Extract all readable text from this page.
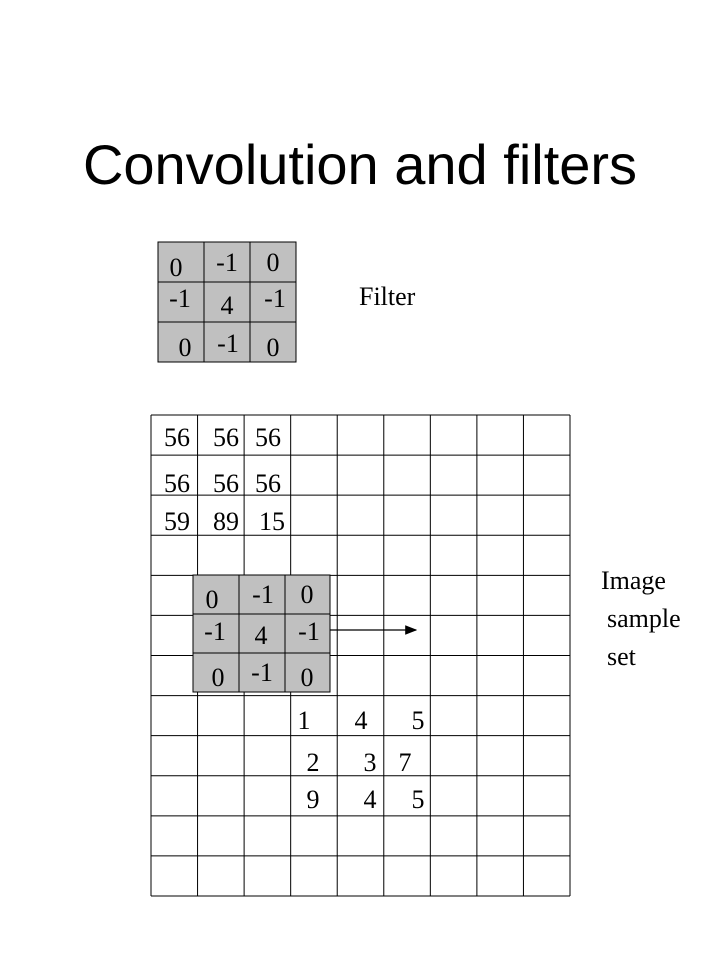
Convolution and filters
Filter
Image
sample
set
0 -1 0
-1 4 -1
0 -1 0
56 56 56
56 56 56
59 89 15
0 -1 0
-1 4 -1
0 -1 0
1 4 5
2 3 7
9 4 5
